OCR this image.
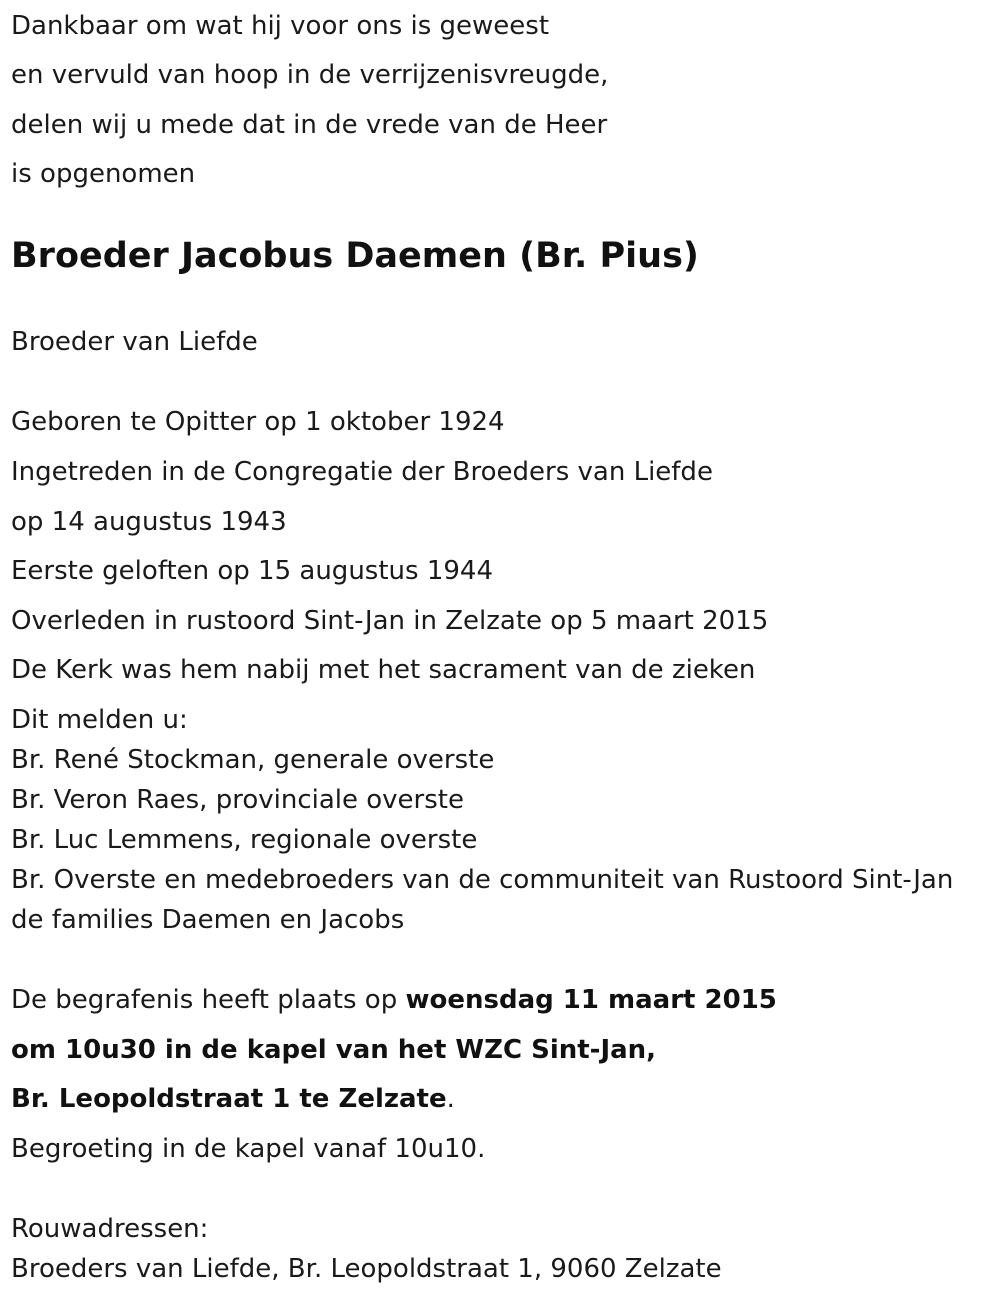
Dankbaar om wat hij voor ons is geweest
en vervuld van hoop in de verrijzenisvreugde,
delen wij u mede dat in de vrede van de Heer
is opgenomen
Broeder Jacobus Daemen (Br. Pius)
Broeder van Liefde
Geboren te Opitter op 1 oktober 1924
Ingetreden in de Congregatie der Broeders van Liefde
op 14 augustus 1943
Eerste geloften op 15 augustus 1944
Overleden in rustoord Sint-Jan in Zelzate op 5 maart 2015
De Kerk was hem nabij met het sacrament van de zieken
Dit melden u:
Br. René Stockman, generale overste
Br. Veron Raes, provinciale overste
Br. Luc Lemmens, regionale overste
Br. Overste en medebroeders van de communiteit van Rustoord Sint-Jan
de families Daemen en Jacobs
De begrafenis heeft plaats op woensdag 11 maart 2015
om 10u30 in de kapel van het WZC Sint-Jan,
Br. Leopoldstraat 1 te Zelzate.
Begroeting in de kapel vanaf 10u10.
Rouwadressen:
Broeders van Liefde, Br. Leopoldstraat 1, 9060 Zelzate
